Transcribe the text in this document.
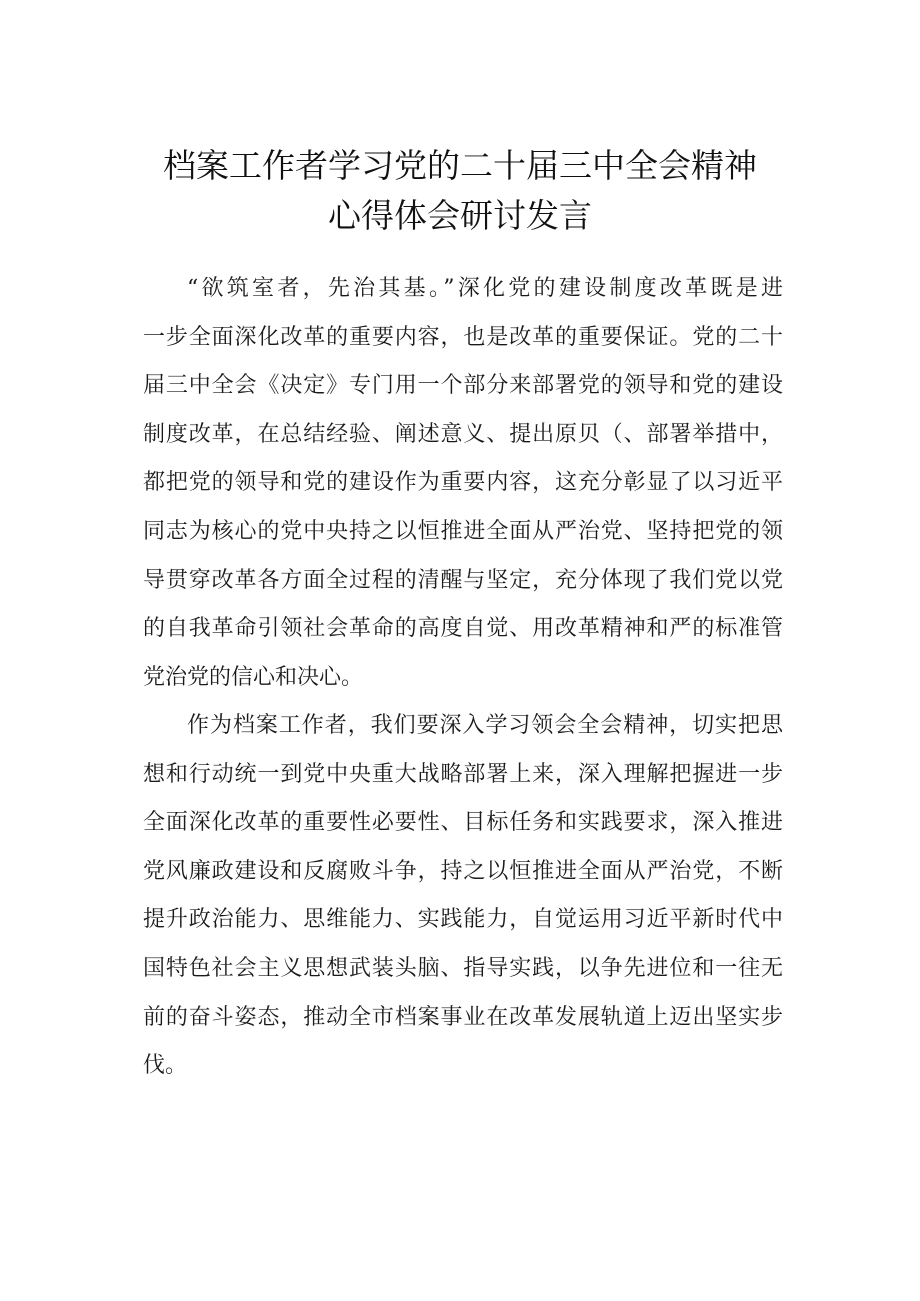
档案工作者学习党的二十届三中全会精神
心得体会研讨发言
“欲筑室者，先治其基。”深化党的建设制度改革既是进
一步全面深化改革的重要内容，也是改革的重要保证。党的二十
届三中全会《决定》专门用一个部分来部署党的领导和党的建设
制度改革，在总结经验、阐述意义、提出原贝（、部署举措中，
都把党的领导和党的建设作为重要内容，这充分彰显了以习近平
同志为核心的党中央持之以恒推进全面从严治党、坚持把党的领
导贯穿改革各方面全过程的清醒与坚定，充分体现了我们党以党
的自我革命引领社会革命的高度自觉、用改革精神和严的标准管
党治党的信心和决心。
作为档案工作者，我们要深入学习领会全会精神，切实把思
想和行动统一到党中央重大战略部署上来，深入理解把握进一步
全面深化改革的重要性必要性、目标任务和实践要求，深入推进
党风廉政建设和反腐败斗争，持之以恒推进全面从严治党，不断
提升政治能力、思维能力、实践能力，自觉运用习近平新时代中
国特色社会主义思想武装头脑、指导实践，以争先进位和一往无
前的奋斗姿态，推动全市档案事业在改革发展轨道上迈出坚实步
伐。
